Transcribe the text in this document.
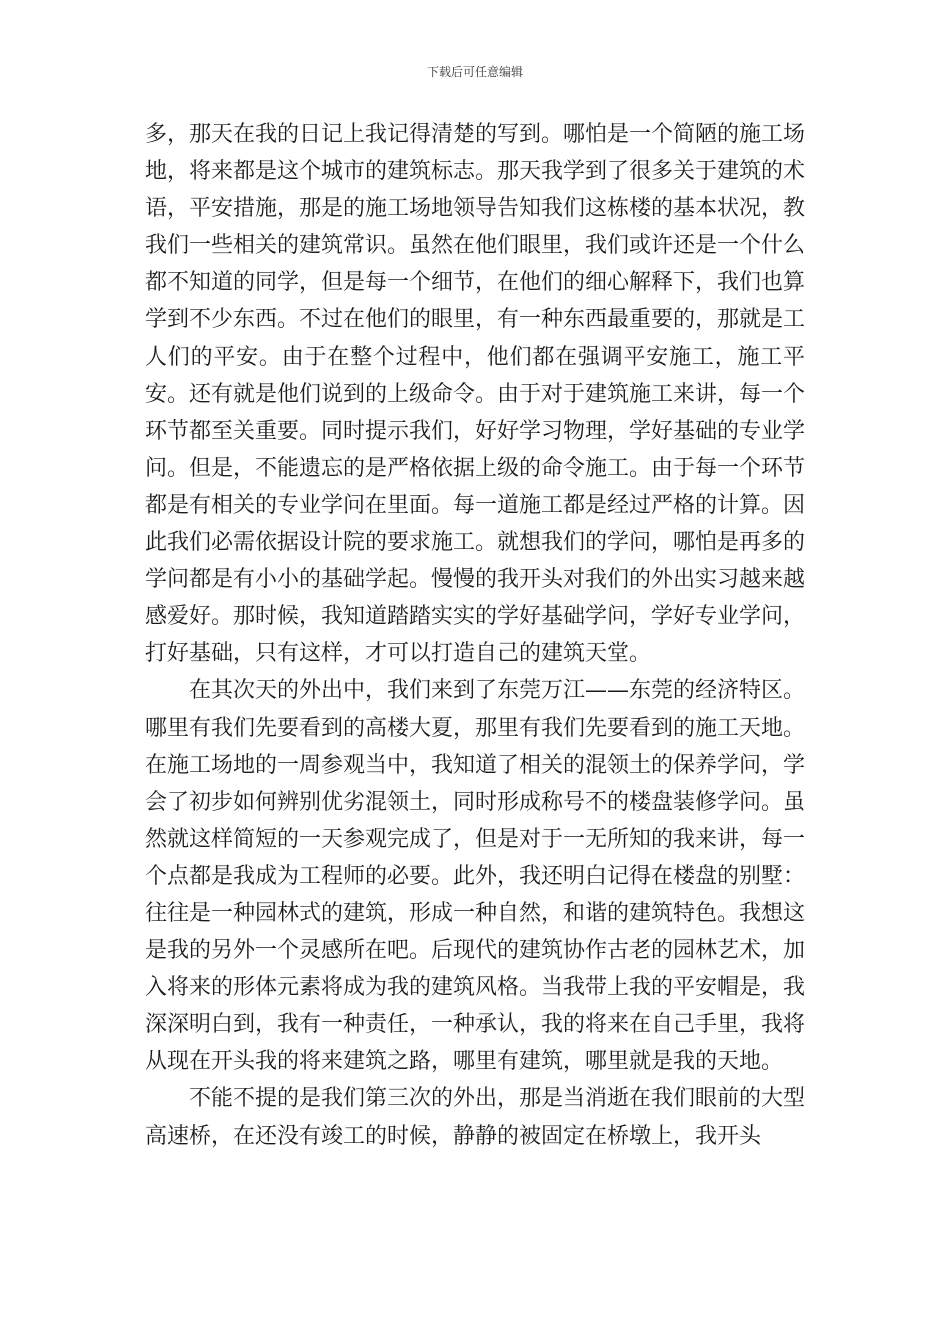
下载后可任意编辑

多，那天在我的日记上我记得清楚的写到。哪怕是一个简陋的施工场地，将来都是这个城市的建筑标志。那天我学到了很多关于建筑的术语，平安措施，那是的施工场地领导告知我们这栋楼的基本状况，教我们一些相关的建筑常识。虽然在他们眼里，我们或许还是一个什么都不知道的同学，但是每一个细节，在他们的细心解释下，我们也算学到不少东西。不过在他们的眼里，有一种东西最重要的，那就是工人们的平安。由于在整个过程中，他们都在强调平安施工，施工平安。还有就是他们说到的上级命令。由于对于建筑施工来讲，每一个环节都至关重要。同时提示我们，好好学习物理，学好基础的专业学问。但是，不能遗忘的是严格依据上级的命令施工。由于每一个环节都是有相关的专业学问在里面。每一道施工都是经过严格的计算。因此我们必需依据设计院的要求施工。就想我们的学问，哪怕是再多的学问都是有小小的基础学起。慢慢的我开头对我们的外出实习越来越感爱好。那时候，我知道踏踏实实的学好基础学问，学好专业学问，打好基础，只有这样，才可以打造自己的建筑天堂。

在其次天的外出中，我们来到了东莞万江——东莞的经济特区。哪里有我们先要看到的高楼大夏，那里有我们先要看到的施工天地。在施工场地的一周参观当中，我知道了相关的混领土的保养学问，学会了初步如何辨别优劣混领土，同时形成称号不的楼盘装修学问。虽然就这样简短的一天参观完成了，但是对于一无所知的我来讲，每一个点都是我成为工程师的必要。此外，我还明白记得在楼盘的别墅：往往是一种园林式的建筑，形成一种自然，和谐的建筑特色。我想这是我的另外一个灵感所在吧。后现代的建筑协作古老的园林艺术，加入将来的形体元素将成为我的建筑风格。当我带上我的平安帽是，我深深明白到，我有一种责任，一种承认，我的将来在自己手里，我将从现在开头我的将来建筑之路，哪里有建筑，哪里就是我的天地。

不能不提的是我们第三次的外出，那是当消逝在我们眼前的大型高速桥，在还没有竣工的时候，静静的被固定在桥墩上，我开头
